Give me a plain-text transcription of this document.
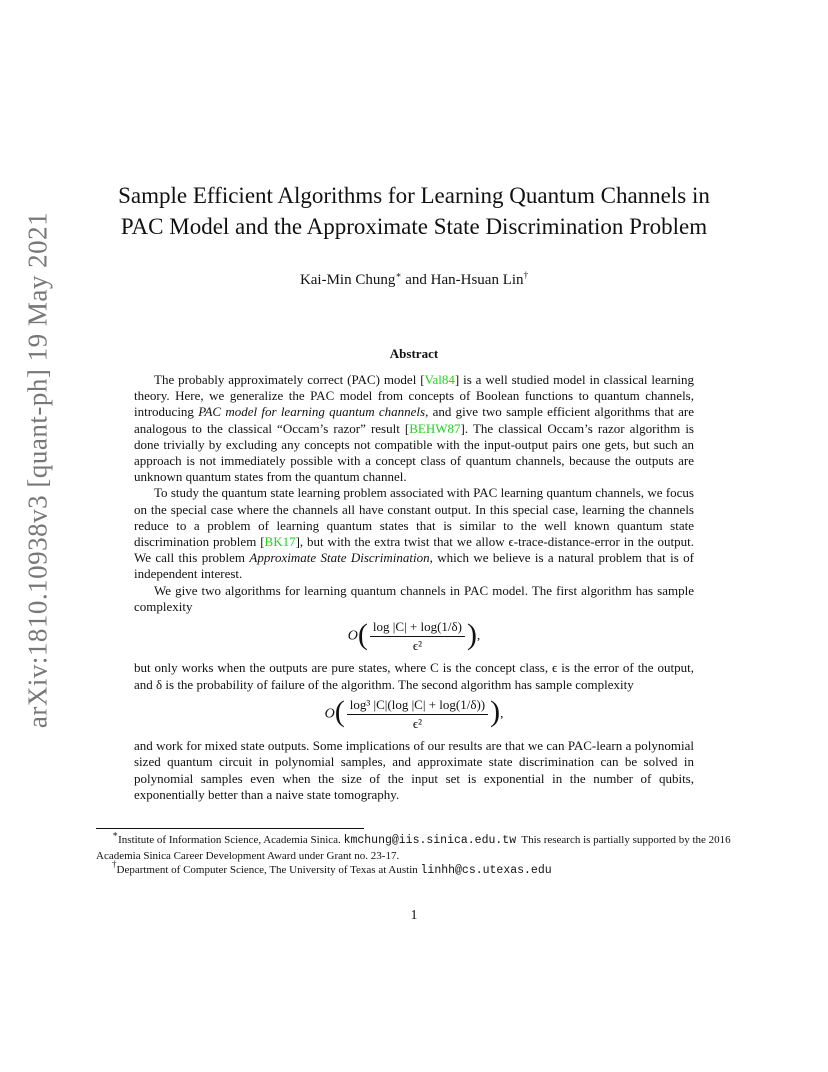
arXiv:1810.10938v3 [quant-ph] 19 May 2021
Sample Efficient Algorithms for Learning Quantum Channels in
PAC Model and the Approximate State Discrimination Problem
Kai-Min Chung∗ and Han-Hsuan Lin†
Abstract

The probably approximately correct (PAC) model [Val84] is a well studied model in classical learning theory. Here, we generalize the PAC model from concepts of Boolean functions to quantum channels, introducing PAC model for learning quantum channels, and give two sample efficient algorithms that are analogous to the classical “Occam’s razor” result [BEHW87]. The classical Occam’s razor algorithm is done trivially by excluding any concepts not compatible with the input-output pairs one gets, but such an approach is not immediately possible with a concept class of quantum channels, because the outputs are unknown quantum states from the quantum channel.

To study the quantum state learning problem associated with PAC learning quantum channels, we focus on the special case where the channels all have constant output. In this special case, learning the channels reduce to a problem of learning quantum states that is similar to the well known quantum state discrimination problem [BK17], but with the extra twist that we allow ϵ-trace-distance-error in the output. We call this problem Approximate State Discrimination, which we believe is a natural problem that is of independent interest.

We give two algorithms for learning quantum channels in PAC model. The first algorithm has sample complexity

$O( \frac{\log |C| + \log(1/\delta)}{\text{ϵ²}}$ ),

but only works when the outputs are pure states, where C is the concept class, ϵ is the error of the output, and δ is the probability of failure of the algorithm. The second algorithm has sample complexity

$O( \frac{\text{log³ |C|(log |C| + log(1/δ))}}{\text{ϵ²}}$ ),

and work for mixed state outputs. Some implications of our results are that we can PAC-learn a polynomial sized quantum circuit in polynomial samples, and approximate state discrimination can be solved in polynomial samples even when the size of the input set is exponential in the number of qubits, exponentially better than a naive state tomography.

∗Institute of Information Science, Academia Sinica. kmchung@iis.sinica.edu.tw  This research is partially supported by the 2016 Academia Sinica Career Development Award under Grant no. 23-17.

†Department of Computer Science, The University of Texas at Austin linhh@cs.utexas.edu

1
